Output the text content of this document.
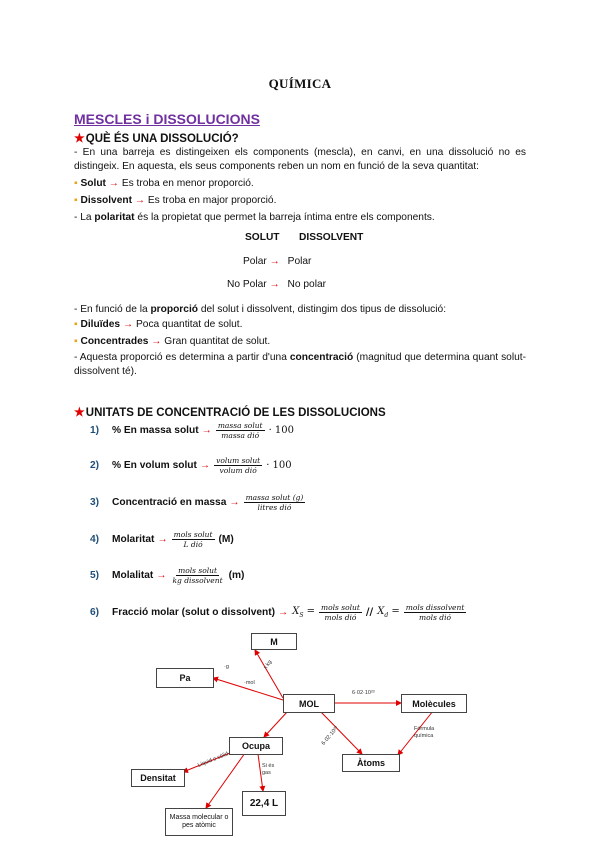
QUÍMICA
MESCLES i DISSOLUCIONS
★QUÈ ÉS UNA DISSOLUCIÓ?
- En una barreja es distingeixen els components (mescla), en canvi, en una dissolució no es distingeix. En aquesta, els seus components reben un nom en funció de la seva quantitat:
▪ Solut → Es troba en menor proporció.
▪ Dissolvent → Es troba en major proporció.
- La polaritat és la propietat que permet la barreja íntima entre els components.
SOLUT DISSOLVENT
Polar → Polar
No Polar → No polar
- En funció de la proporció del solut i dissolvent, distingim dos tipus de dissolució:
▪ Diluïdes → Poca quantitat de solut.
▪ Concentrades → Gran quantitat de solut.
- Aquesta proporció es determina a partir d'una concentració (magnitud que determina quant solut-dissolvent té).
★UNITATS DE CONCENTRACIÓ DE LES DISSOLUCIONS
1)	% En massa solut → $\frac{\text{massa solut}}{\text{massa dió}} \cdot 100$
2)	% En volum solut → $\frac{\text{volum solut}}{\text{volum dió}} \cdot 100$
3)	Concentració en massa → $\frac{\text{massa solut (g)}}{\text{litres dió}}$
4)	Molaritat → $\frac{\text{mols solut}}{\text{L dió}} (M)$
5)	Molalitat → $\frac{\text{mols solut}}{\text{kg dissolvent}} (m)$
6)	Fracció molar (solut o dissolvent) → $X_S = \frac{\text{mols solut}}{\text{mols dió}} // X_d = \frac{\text{mols dissolvent}}{\text{mols dió}}$
M
Pa
MOL	Molècules
Ocupa
Àtoms
Densitat
22,4 L
Massa molecular o pes atòmic
6·02·10²³
Fórmula química
·mol
x kg
·g
6·02·10²³
Líquid o sòlid	Si és gas
